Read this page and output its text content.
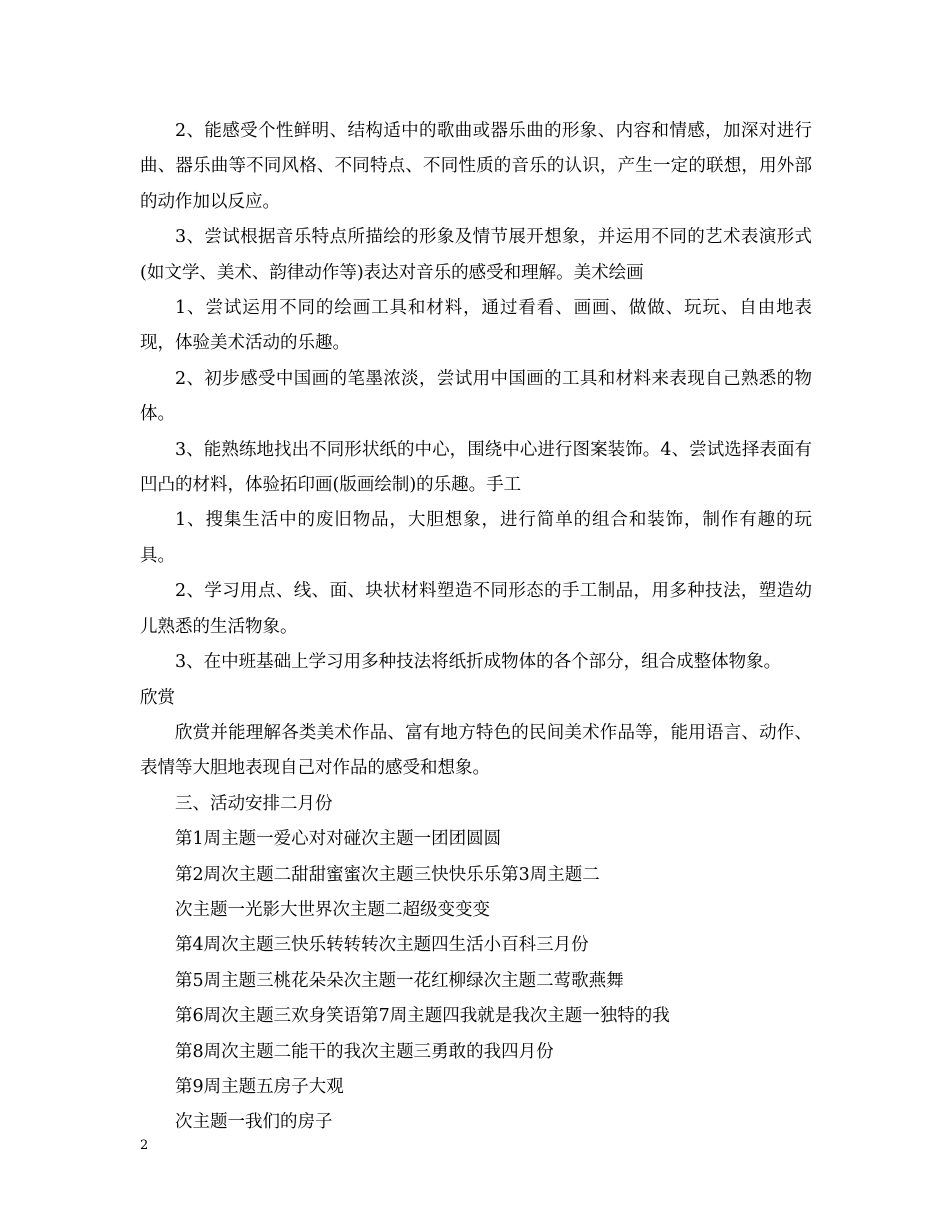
2、能感受个性鲜明、结构适中的歌曲或器乐曲的形象、内容和情感，加深对进行曲、器乐曲等不同风格、不同特点、不同性质的音乐的认识，产生一定的联想，用外部的动作加以反应。

3、尝试根据音乐特点所描绘的形象及情节展开想象，并运用不同的艺术表演形式(如文学、美术、韵律动作等)表达对音乐的感受和理解。美术绘画

1、尝试运用不同的绘画工具和材料，通过看看、画画、做做、玩玩、自由地表现，体验美术活动的乐趣。

2、初步感受中国画的笔墨浓淡，尝试用中国画的工具和材料来表现自己熟悉的物体。

3、能熟练地找出不同形状纸的中心，围绕中心进行图案装饰。4、尝试选择表面有凹凸的材料，体验拓印画(版画绘制)的乐趣。手工

1、搜集生活中的废旧物品，大胆想象，进行简单的组合和装饰，制作有趣的玩具。

2、学习用点、线、面、块状材料塑造不同形态的手工制品，用多种技法，塑造幼儿熟悉的生活物象。

3、在中班基础上学习用多种技法将纸折成物体的各个部分，组合成整体物象。

欣赏

欣赏并能理解各类美术作品、富有地方特色的民间美术作品等，能用语言、动作、表情等大胆地表现自己对作品的感受和想象。

三、活动安排二月份

第1周主题一爱心对对碰次主题一团团圆圆

第2周次主题二甜甜蜜蜜次主题三快快乐乐第3周主题二

次主题一光影大世界次主题二超级变变变

第4周次主题三快乐转转转次主题四生活小百科三月份

第5周主题三桃花朵朵次主题一花红柳绿次主题二莺歌燕舞

第6周次主题三欢身笑语第7周主题四我就是我次主题一独特的我

第8周次主题二能干的我次主题三勇敢的我四月份

第9周主题五房子大观

次主题一我们的房子

2
